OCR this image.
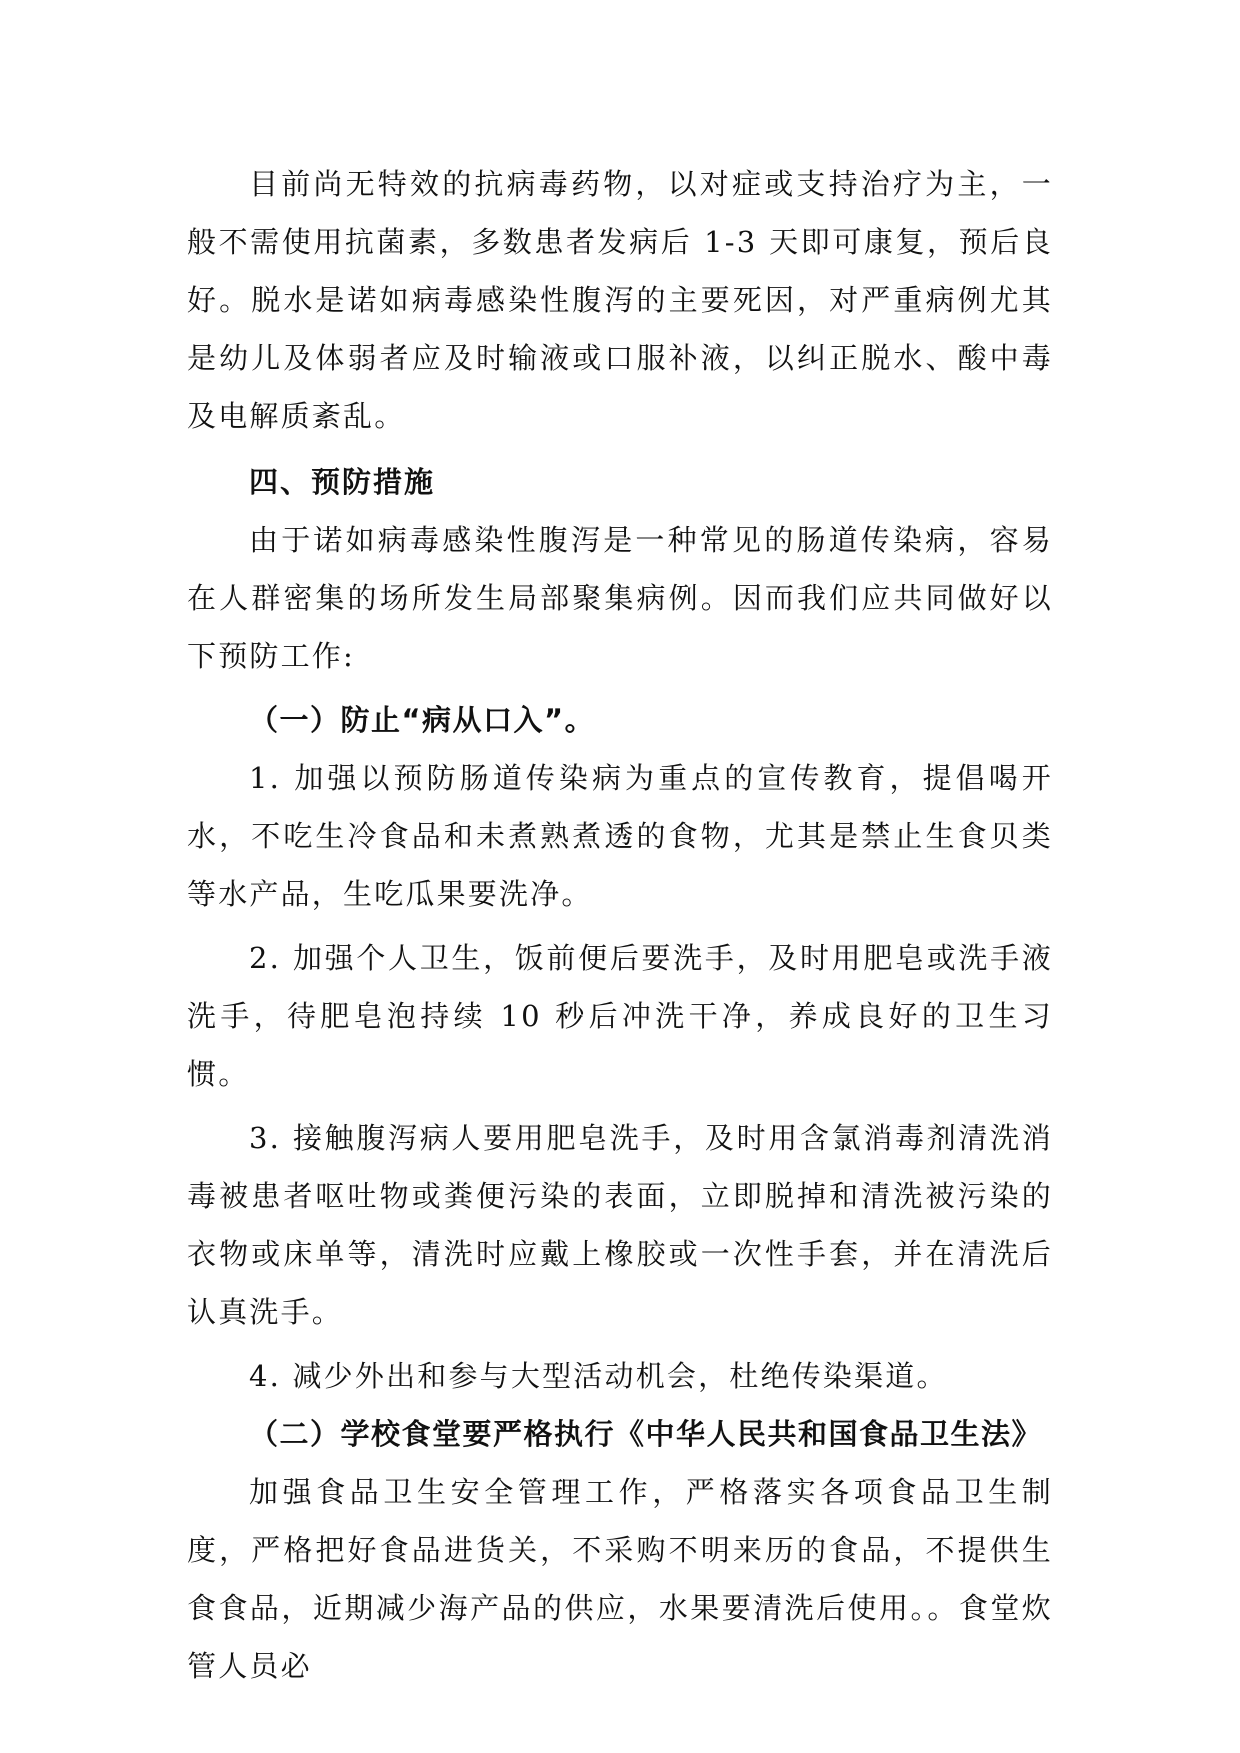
目前尚无特效的抗病毒药物，以对症或支持治疗为主，一般不需使用抗菌素，多数患者发病后 1-3 天即可康复，预后良好。脱水是诺如病毒感染性腹泻的主要死因，对严重病例尤其是幼儿及体弱者应及时输液或口服补液，以纠正脱水、酸中毒及电解质紊乱。

四、预防措施

由于诺如病毒感染性腹泻是一种常见的肠道传染病，容易在人群密集的场所发生局部聚集病例。因而我们应共同做好以下预防工作:

（一）防止“病从口入”。

1. 加强以预防肠道传染病为重点的宣传教育，提倡喝开水，不吃生冷食品和未煮熟煮透的食物，尤其是禁止生食贝类等水产品，生吃瓜果要洗净。

2. 加强个人卫生，饭前便后要洗手，及时用肥皂或洗手液洗手，待肥皂泡持续 10 秒后冲洗干净，养成良好的卫生习惯。

3. 接触腹泻病人要用肥皂洗手，及时用含氯消毒剂清洗消毒被患者呕吐物或粪便污染的表面，立即脱掉和清洗被污染的衣物或床单等，清洗时应戴上橡胶或一次性手套，并在清洗后认真洗手。

4. 减少外出和参与大型活动机会，杜绝传染渠道。

（二）学校食堂要严格执行《中华人民共和国食品卫生法》

加强食品卫生安全管理工作，严格落实各项食品卫生制度，严格把好食品进货关，不采购不明来历的食品，不提供生食食品，近期减少海产品的供应，水果要清洗后使用。。食堂炊管人员必
